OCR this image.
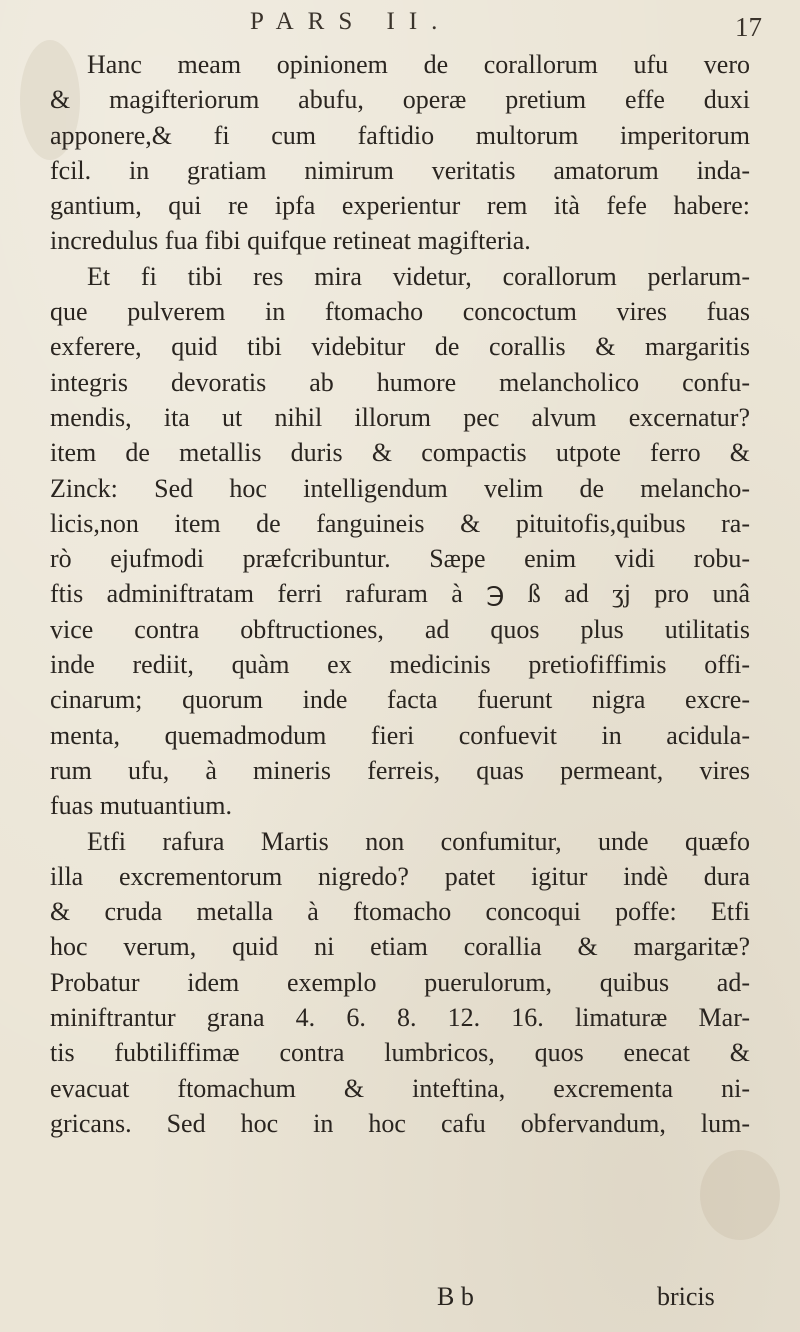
PARS II.	17
Hanc meam opinionem de corallorum ufu vero
& magifteriorum abufu, operæ pretium effe duxi
apponere,& fi cum faftidio multorum imperitorum
fcil. in gratiam nimirum veritatis amatorum inda-
gantium, qui re ipfa experientur rem ità fefe habere:
incredulus fua fibi quifque retineat magifteria.
Et fi tibi res mira videtur, corallorum perlarum-
que pulverem in ftomacho concoctum vires fuas
exferere, quid tibi videbitur de corallis & margaritis
integris devoratis ab humore melancholico confu-
mendis, ita ut nihil illorum pec alvum excernatur?
item de metallis duris & compactis utpote ferro &
Zinck: Sed hoc intelligendum velim de melancho-
licis,non item de fanguineis & pituitofis,quibus ra-
rò ejufmodi præfcribuntur. Sæpe enim vidi robu-
ftis adminiftratam ferri rafuram à ℈ ß ad ʒj pro unâ
vice contra obftructiones, ad quos plus utilitatis
inde rediit, quàm ex medicinis pretiofiffimis offi-
cinarum; quorum inde facta fuerunt nigra excre-
menta, quemadmodum fieri confuevit in acidula-
rum ufu, à mineris ferreis, quas permeant, vires
fuas mutuantium.
Etfi rafura Martis non confumitur, unde quæfo
illa excrementorum nigredo? patet igitur indè dura
& cruda metalla à ftomacho concoqui poffe: Etfi
hoc verum, quid ni etiam corallia & margaritæ?
Probatur idem exemplo puerulorum, quibus ad-
miniftrantur grana 4. 6. 8. 12. 16. limaturæ Mar-
tis fubtiliffimæ contra lumbricos, quos enecat &
evacuat ftomachum & inteftina, excrementa ni-
gricans. Sed hoc in hoc cafu obfervandum, lum-
B b	bricis
